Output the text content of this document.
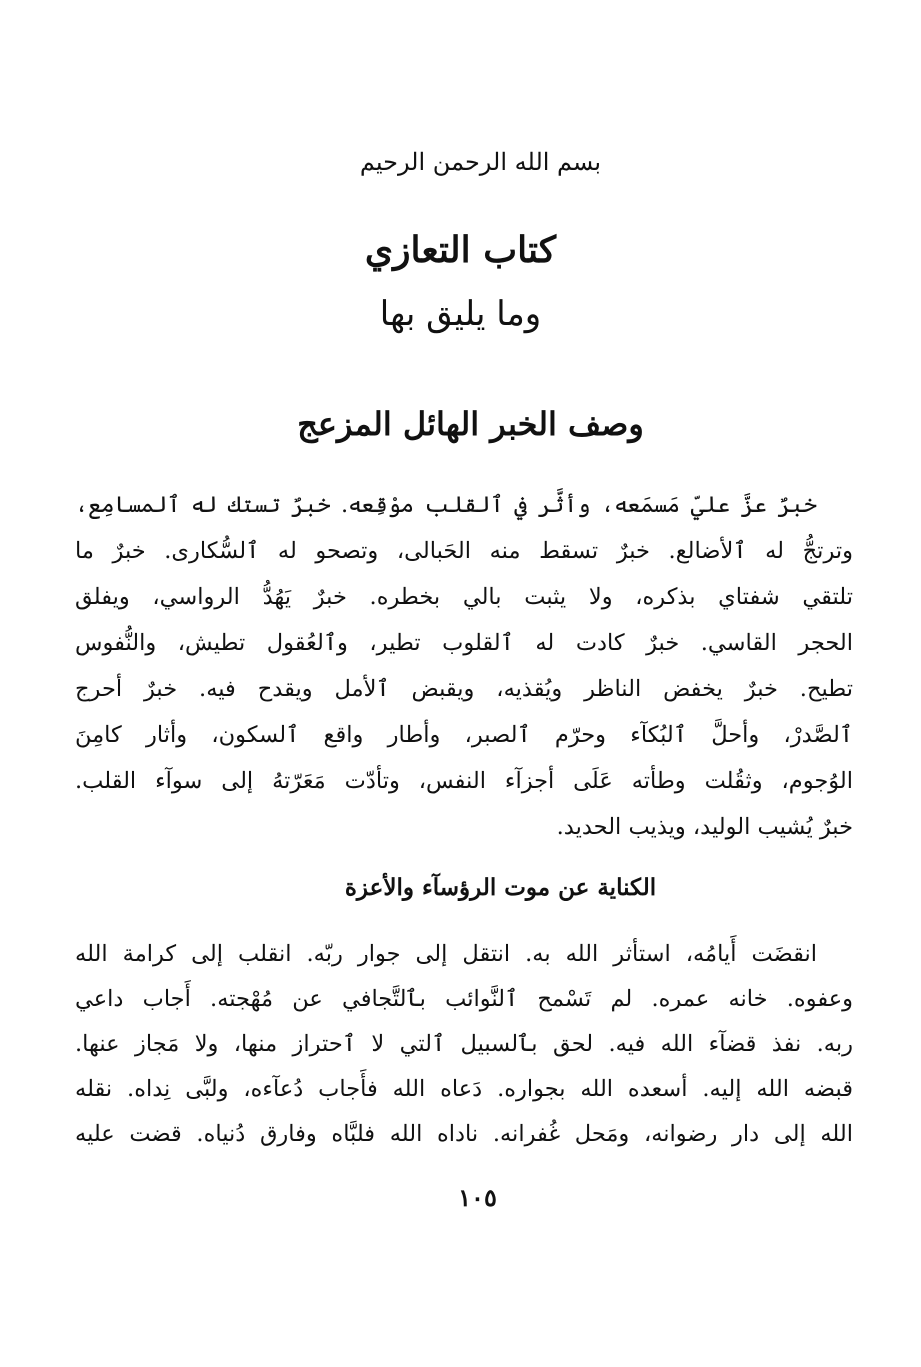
بسم الله الرحمن الرحيم
كتاب التعازي
وما يليق بها
وصف الخبر الهائل المزعج
خبرٌ عزَّ عليّ مَسمَعه، وأثَّر في ٱلقلب موْقِعه. خبرٌ تستك له ٱلمسامِع،
وترتجُّ له ٱلأضالع. خبرٌ تسقط منه الحَبالى، وتصحو له ٱلسُّكارى. خبرٌ ما
تلتقي شفتاي بذكره، ولا يثبت بالي بخطره. خبرٌ يَهُدُّ الرواسي، ويفلق
الحجر القاسي. خبرٌ كادت له ٱلقلوب تطير، وٱلعُقول تطيش، والنُّفوس
تطيح. خبرٌ يخفض الناظر ويُقذيه، ويقبض ٱلأمل ويقدح فيه. خبرٌ أحرج
ٱلصَّدرْ، وأحلَّ ٱلبُكآء وحرّم ٱلصبر، وأطار واقع ٱلسكون، وأثار كامِنَ
الوُجوم، وثقُلت وطأته عَلَى أجزآء النفس، وتأدّت مَعَرّتهُ إلى سوآء القلب.
خبرٌ يُشيب الوليد، ويذيب الحديد.
الكناية عن موت الرؤسآء والأعزة
انقضَت أَيامُه، استأثر الله به. انتقل إلى جوار ربّه. انقلب إلى كرامة الله
وعفوه. خانه عمره. لم تَسْمح ٱلنَّوائب بٱلتَّجافي عن مُهْجته. أَجاب داعي
ربه. نفذ قضآء الله فيه. لحق بٱلسبيل ٱلتي لا ٱحتراز منها، ولا مَجاز عنها.
قبضه الله إليه. أسعده الله بجواره. دَعاه الله فأَجاب دُعآءه، ولبَّى نِداه. نقله
الله إلى دار رضوانه، ومَحل غُفرانه. ناداه الله فلبَّاه وفارق دُنياه. قضت عليه
١٠٥
